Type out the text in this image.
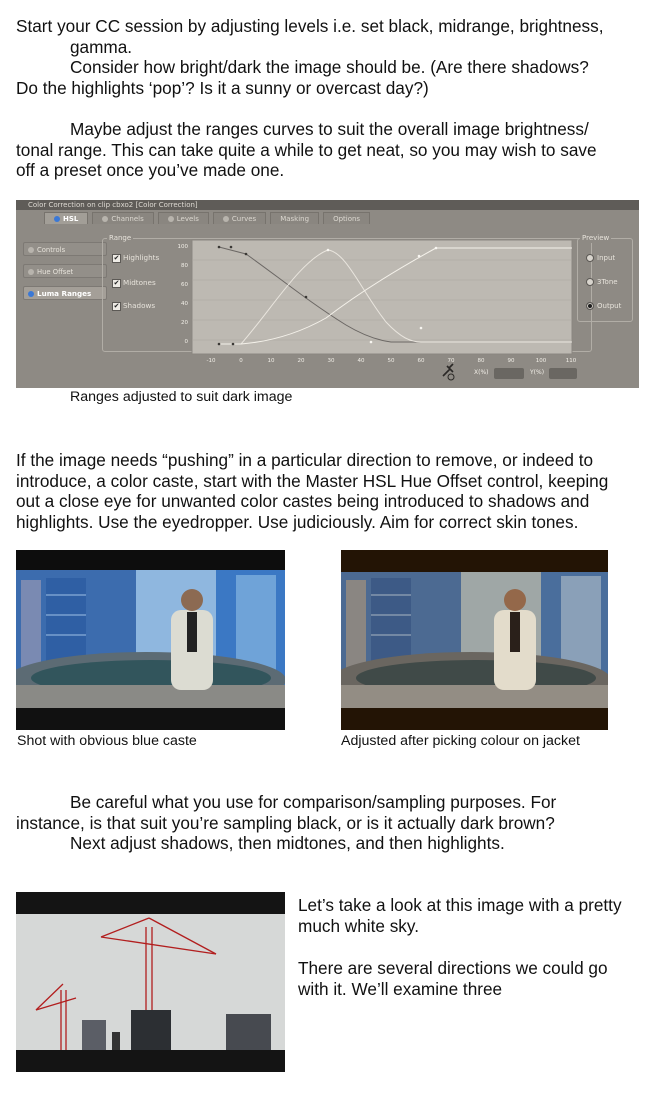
Start your CC session by adjusting levels i.e. set black, midrange, brightness,
gamma.

Consider how bright/dark the image should be. (Are there shadows?
Do the highlights ‘pop’? Is it a sunny or overcast day?)

Maybe adjust the ranges curves to suit the overall image brightness/
tonal range. This can take quite a while to get neat, so you may wish to save
off a preset once you’ve made one.

Color Correction on clip cbxo2 [Color Correction]
HSL	Channels	Levels	Curves	Masking	Options
Controls
Hue Offset
Luma Ranges
Range
✔ Highlights
✔ Midtones
✔ Shadows
Preview
Input
3Tone
Output
100
80
60
40
20
0
-10	0	10	20	30	40	50	60	70	80	90	100	110
X(%)	Y(%)
Ranges adjusted to suit dark image

If the image needs “pushing” in a particular direction to remove, or indeed to
introduce, a color caste, start with the Master HSL Hue Offset control, keeping
out a close eye for unwanted color castes being introduced to shadows and
highlights. Use the eyedropper. Use judiciously. Aim for correct skin tones.

Shot with obvious blue caste	Adjusted after picking colour on jacket

Be careful what you use for comparison/sampling purposes. For
instance, is that suit you’re sampling black, or is it actually dark brown?
Next adjust shadows, then midtones, and then highlights.

Let’s take a look at this image with a pretty
much white sky.

There are several directions we could go
with it. We’ll examine three
